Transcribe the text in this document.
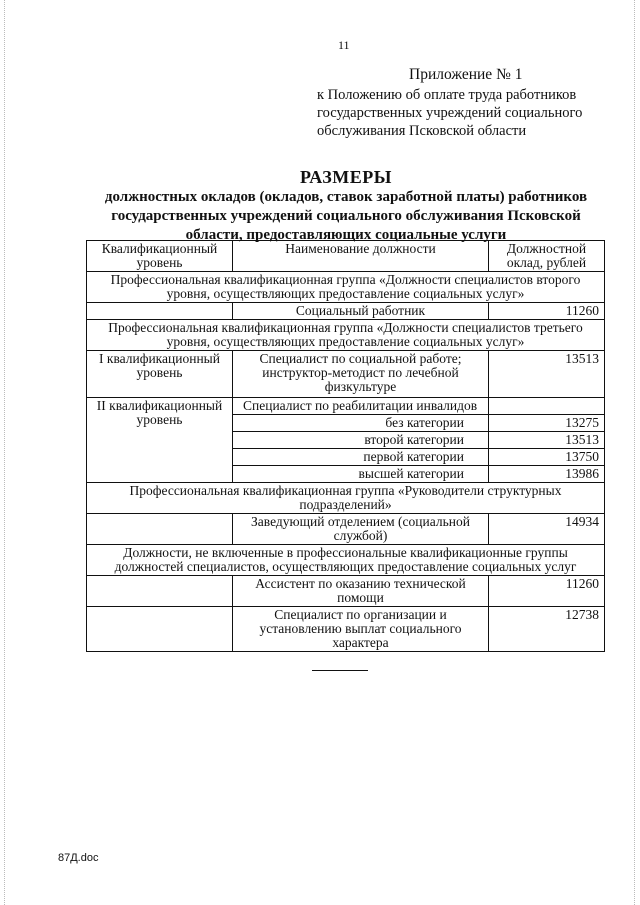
11
Приложение № 1
к Положению об оплате труда работников
государственных учреждений социального
обслуживания Псковской области
РАЗМЕРЫ
должностных окладов (окладов, ставок заработной платы) работников
государственных учреждений социального обслуживания Псковской
области, предоставляющих социальные услуги
Квалификационный уровень	Наименование должности	Должностной оклад, рублей
Профессиональная квалификационная группа «Должности специалистов второго уровня, осуществляющих предоставление социальных услуг»		
	Социальный работник	11260
Профессиональная квалификационная группа «Должности специалистов третьего уровня, осуществляющих предоставление социальных услуг»		
I квалификационный уровень	Специалист по социальной работе; инструктор-методист по лечебной физкультуре	13513
II квалификационный уровень	Специалист по реабилитации инвалидов	
	без категории	13275
	второй категории	13513
	первой категории	13750
	высшей категории	13986
Профессиональная квалификационная группа «Руководители структурных подразделений»		
	Заведующий отделением (социальной службой)	14934
Должности, не включенные в профессиональные квалификационные группы должностей специалистов, осуществляющих предоставление социальных услуг		
	Ассистент по оказанию технической помощи	11260
	Специалист по организации и установлению выплат социального характера	12738
87Д.doc
